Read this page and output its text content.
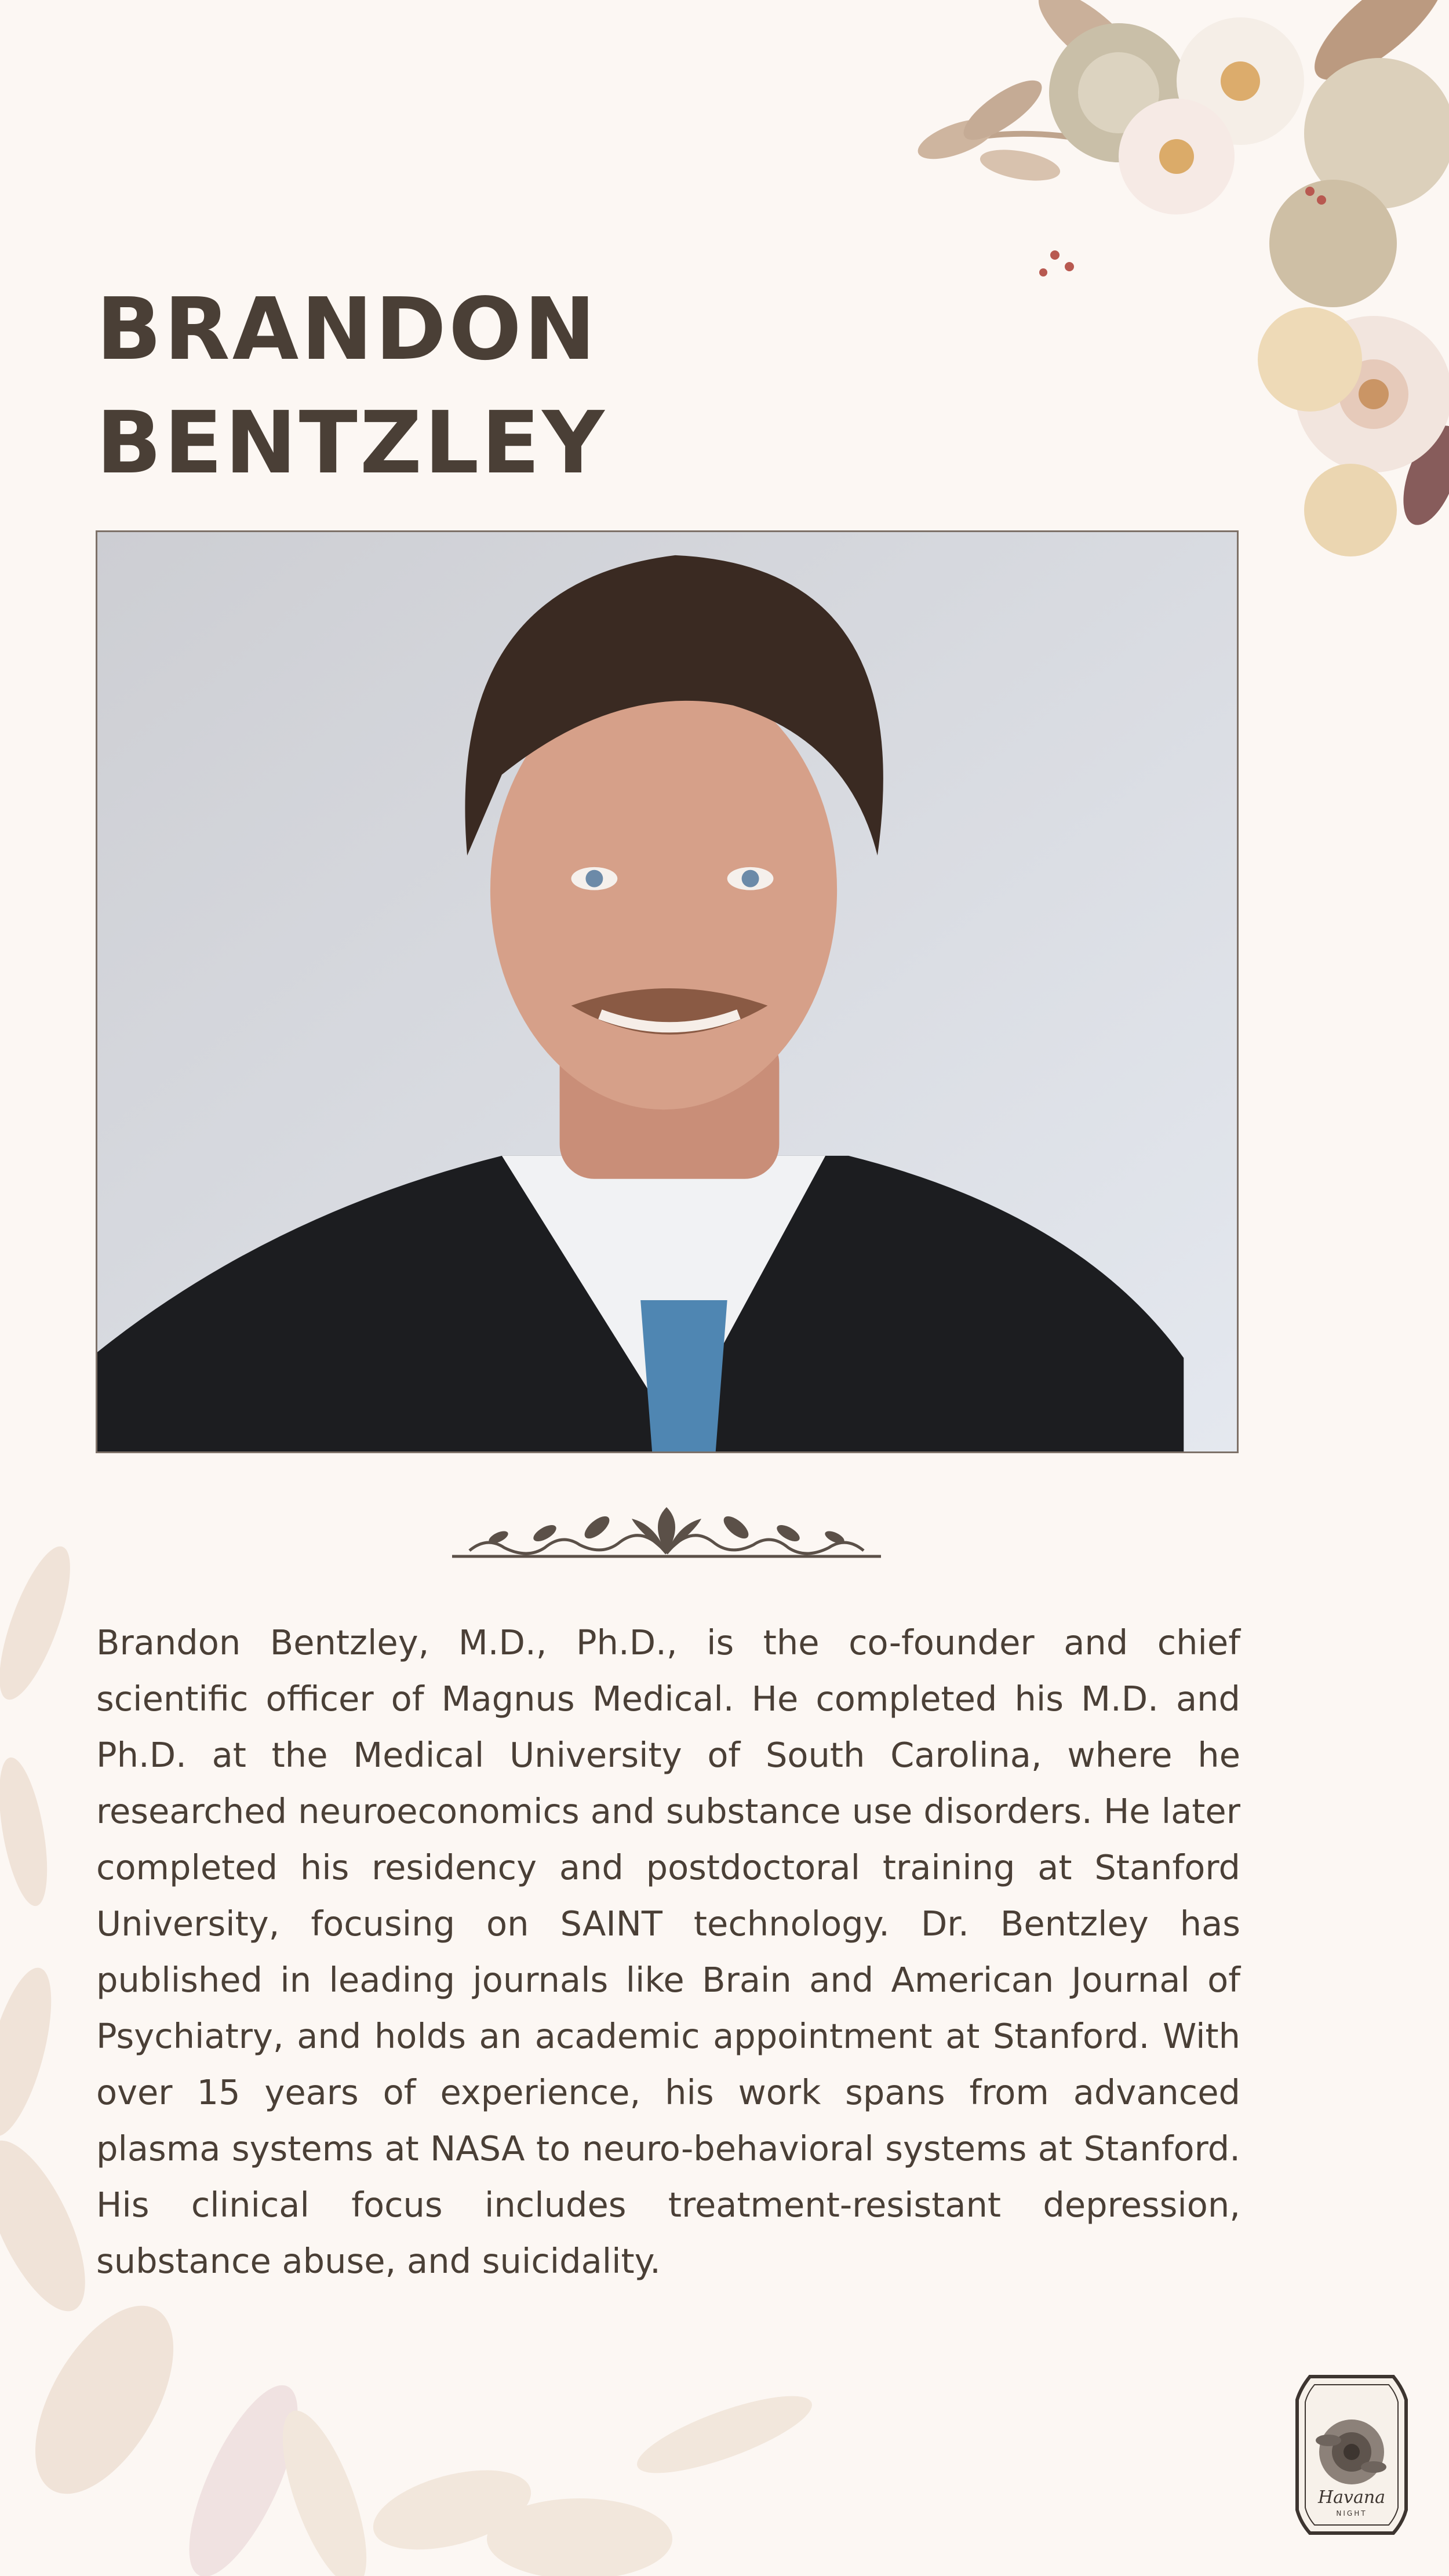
BRANDON
BENTZLEY

Brandon Bentzley, M.D., Ph.D., is the co-founder and chief scientific officer of Magnus Medical. He completed his M.D. and Ph.D. at the Medical University of South Carolina, where he researched neuroeconomics and substance use disorders. He later completed his residency and postdoctoral training at Stanford University, focusing on SAINT technology. Dr. Bentzley has published in leading journals like Brain and American Journal of Psychiatry, and holds an academic appointment at Stanford. With over 15 years of experience, his work spans from advanced plasma systems at NASA to neuro-behavioral systems at Stanford. His clinical focus includes treatment-resistant depression, substance abuse, and suicidality.

Havana
NIGHT
